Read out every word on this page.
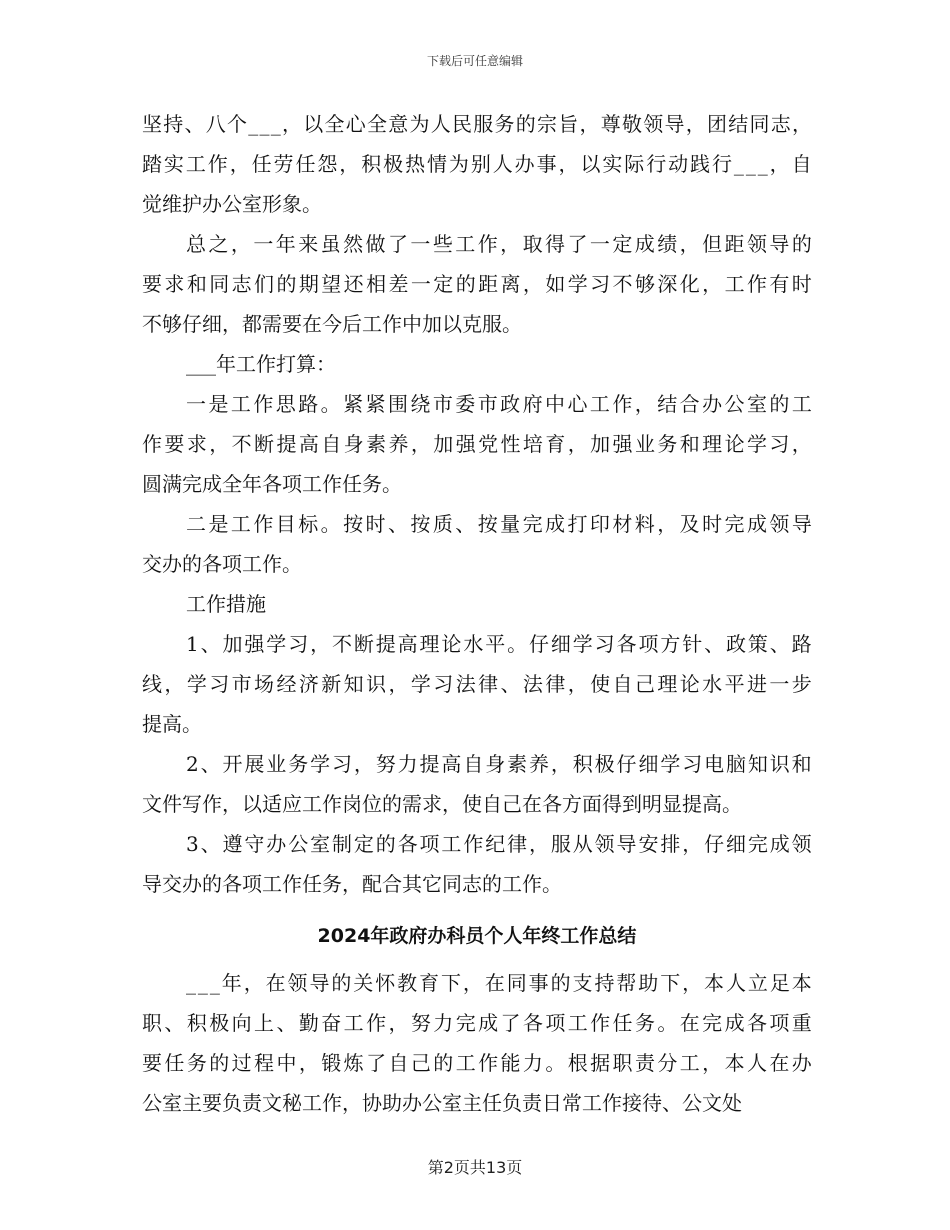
下载后可任意编辑
坚 持 、 八 个 _ _ _ ， 以 全 心 全 意 为 人 民 服 务 的 宗 旨 ， 尊 敬 领 导 ， 团 结 同 志 ，
踏 实 工 作 ， 任 劳 任 怨 ， 积 极 热 情 为 别 人 办 事 ， 以 实 际 行 动 践 行 _ _ _ ， 自
觉维护办公室形象。
总 之 ， 一 年 来 虽 然 做 了 一 些 工 作 ， 取 得 了 一 定 成 绩 ， 但 距 领 导 的
要 求 和 同 志 们 的 期 望 还 相 差 一 定 的 距 离 ， 如 学 习 不 够 深 化 ， 工 作 有 时
不够仔细，都需要在今后工作中加以克服。
___年工作打算：
一 是 工 作 思 路 。 紧 紧 围 绕 市 委 市 政 府 中 心 工 作 ， 结 合 办 公 室 的 工
作 要 求 ， 不 断 提 高 自 身 素 养 ， 加 强 党 性 培 育 ， 加 强 业 务 和 理 论 学 习 ，
圆满完成全年各项工作任务。
二 是 工 作 目 标 。 按 时 、 按 质 、 按 量 完 成 打 印 材 料 ， 及 时 完 成 领 导
交办的各项工作。
工作措施
1 、 加 强 学 习 ， 不 断 提 高 理 论 水 平 。 仔 细 学 习 各 项 方 针 、 政 策 、 路
线 ， 学 习 市 场 经 济 新 知 识 ， 学 习 法 律 、 法 律 ， 使 自 己 理 论 水 平 进 一 步
提高。
2 、 开 展 业 务 学 习 ， 努 力 提 高 自 身 素 养 ， 积 极 仔 细 学 习 电 脑 知 识 和
文件写作，以适应工作岗位的需求，使自己在各方面得到明显提高。
3 、 遵 守 办 公 室 制 定 的 各 项 工 作 纪 律 ， 服 从 领 导 安 排 ， 仔 细 完 成 领
导交办的各项工作任务，配合其它同志的工作。
2024年政府办科员个人年终工作总结
_ _ _ 年 ， 在 领 导 的 关 怀 教 育 下 ， 在 同 事 的 支 持 帮 助 下 ， 本 人 立 足 本
职 、 积 极 向 上 、 勤 奋 工 作 ， 努 力 完 成 了 各 项 工 作 任 务 。 在 完 成 各 项 重
要 任 务 的 过 程 中 ， 锻 炼 了 自 己 的 工 作 能 力 。 根 据 职 责 分 工 ， 本 人 在 办
公室主要负责文秘工作，协助办公室主任负责日常工作接待、公文处
第2页共13页
